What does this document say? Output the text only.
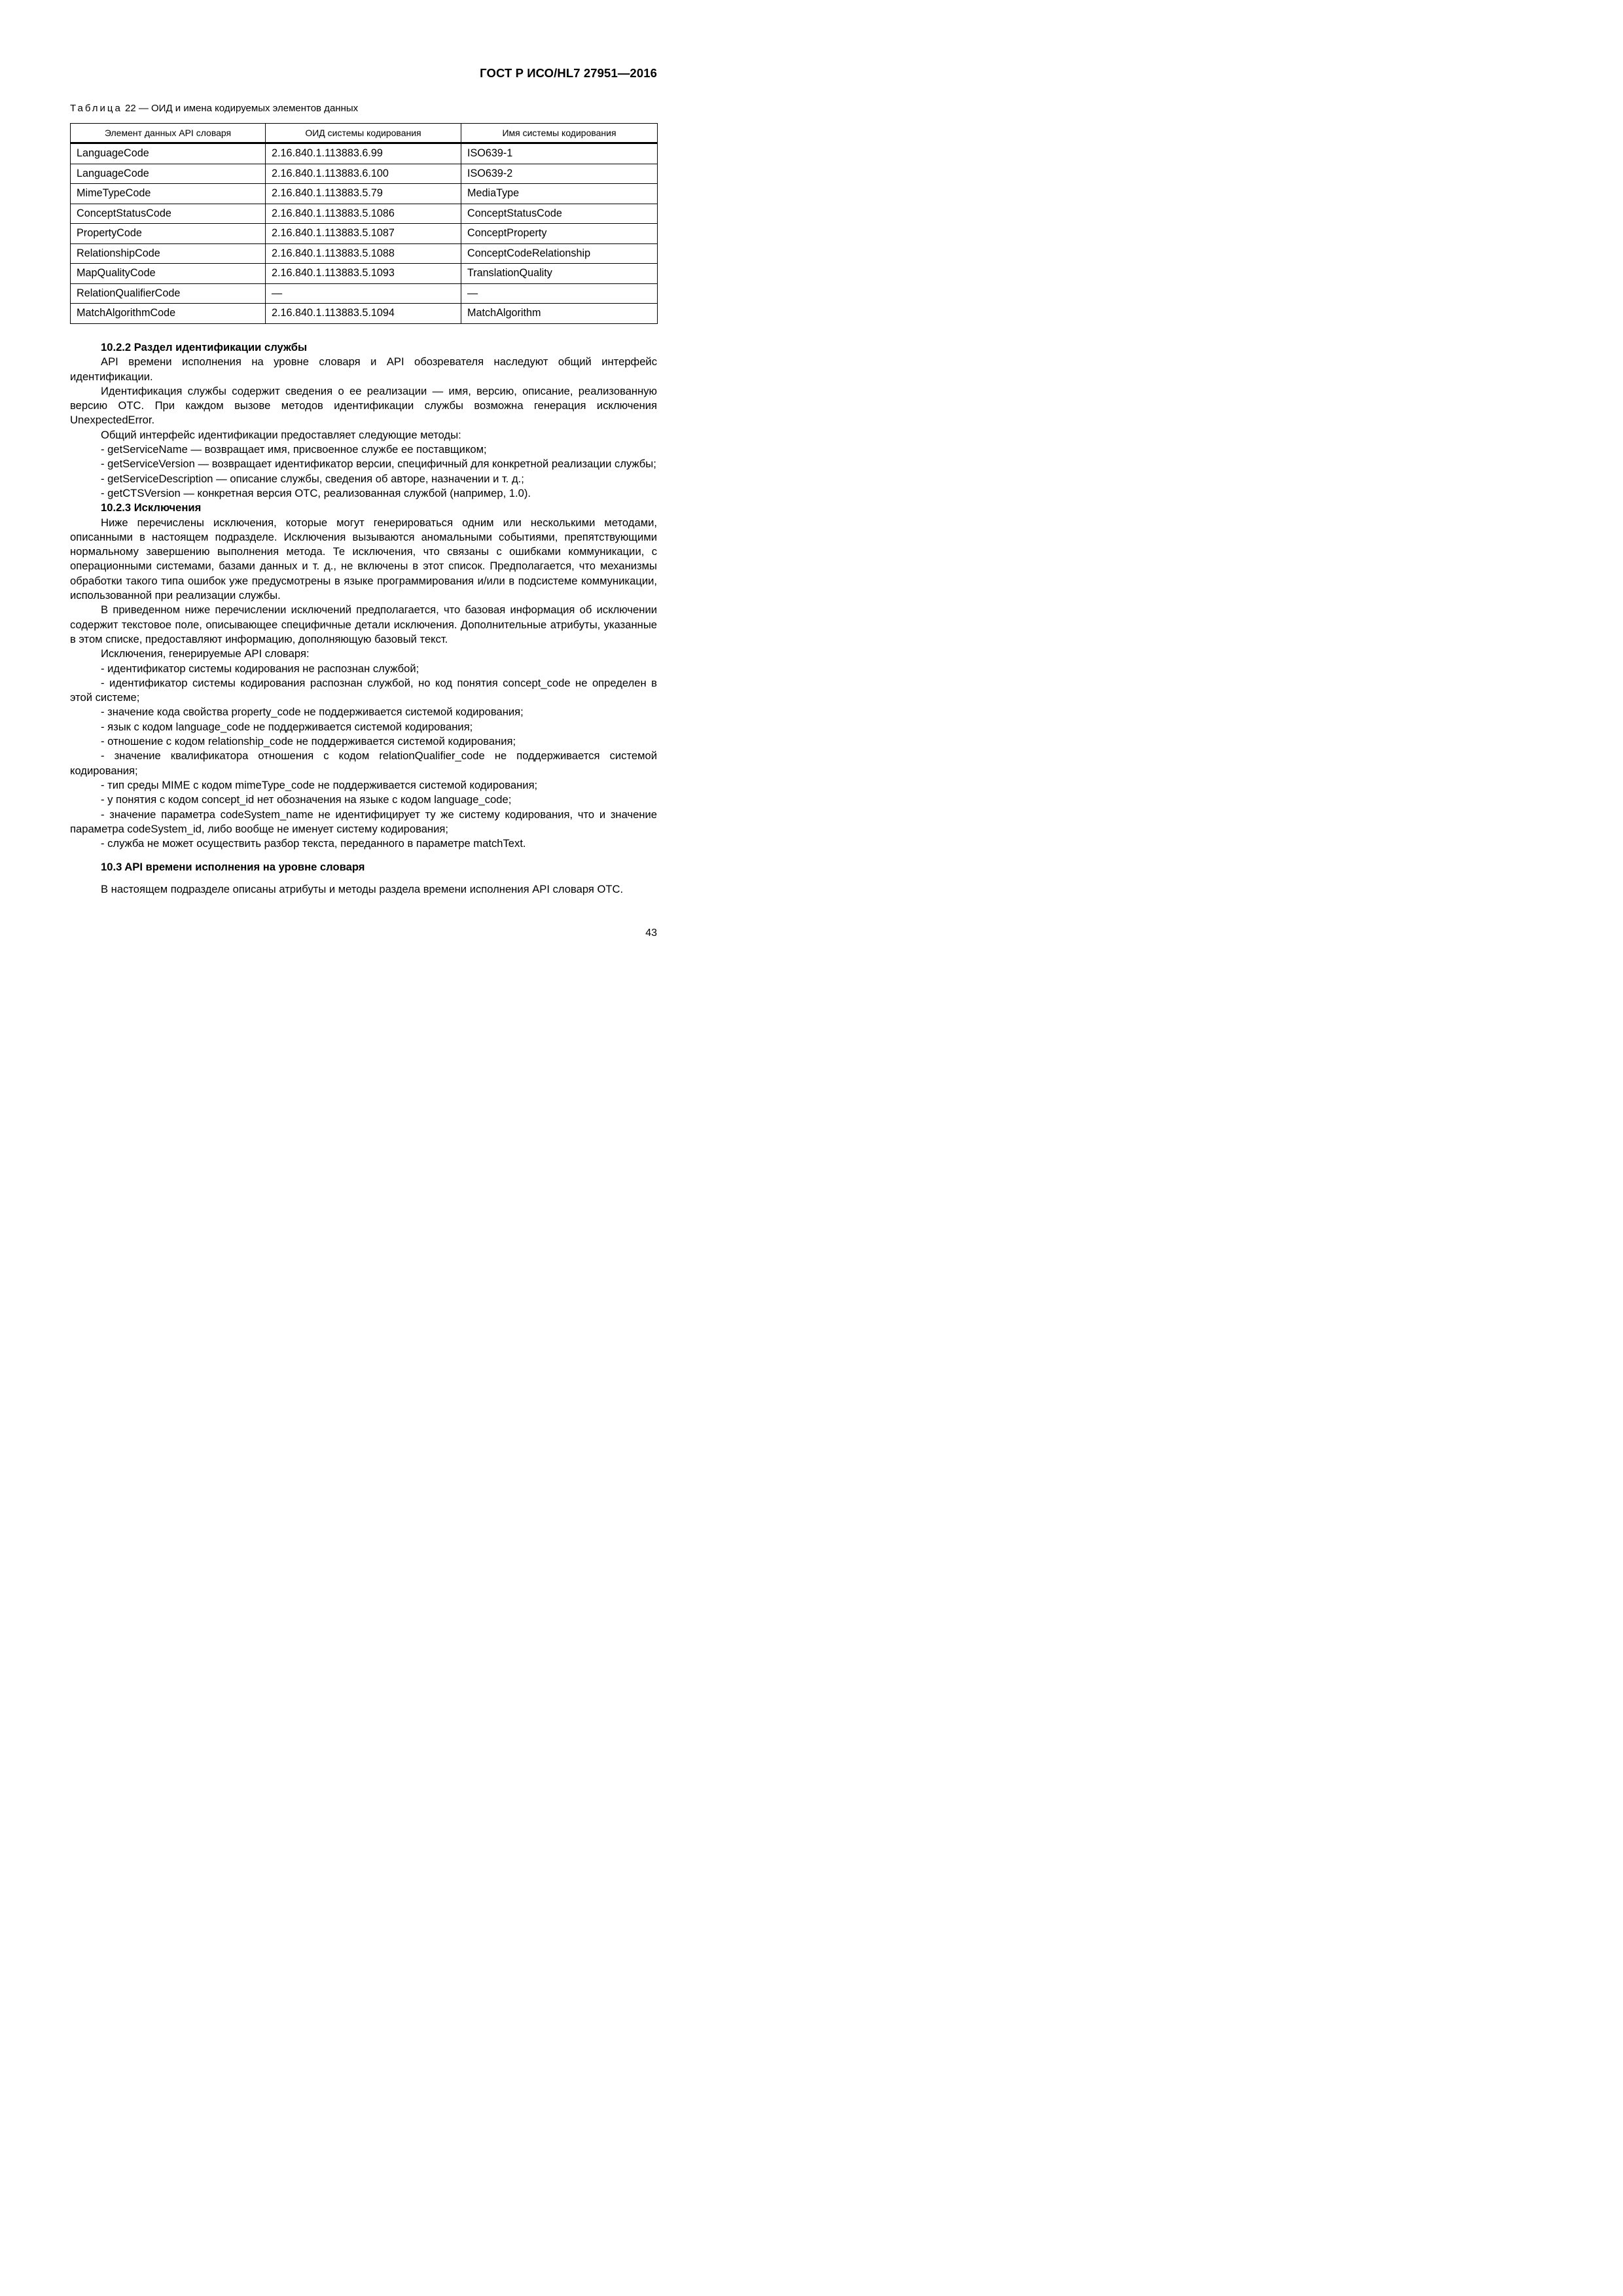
ГОСТ Р ИСО/HL7 27951—2016
Таблица 22 — ОИД и имена кодируемых элементов данных
Элемент данных API словаря	ОИД системы кодирования	Имя системы кодирования
LanguageCode	2.16.840.1.113883.6.99	ISO639-1
LanguageCode	2.16.840.1.113883.6.100	ISO639-2
MimeTypeCode	2.16.840.1.113883.5.79	MediaType
ConceptStatusCode	2.16.840.1.113883.5.1086	ConceptStatusCode
PropertyCode	2.16.840.1.113883.5.1087	ConceptProperty
RelationshipCode	2.16.840.1.113883.5.1088	ConceptCodeRelationship
MapQualityCode	2.16.840.1.113883.5.1093	TranslationQuality
RelationQualifierCode	—	—
MatchAlgorithmCode	2.16.840.1.113883.5.1094	MatchAlgorithm
10.2.2 Раздел идентификации службы

API времени исполнения на уровне словаря и API обозревателя наследуют общий интерфейс идентификации.

Идентификация службы содержит сведения о ее реализации — имя, версию, описание, реализованную версию ОТС. При каждом вызове методов идентификации службы возможна генерация исключения UnexpectedError.

Общий интерфейс идентификации предоставляет следующие методы:

- getServiceName — возвращает имя, присвоенное службе ее поставщиком;

- getServiceVersion — возвращает идентификатор версии, специфичный для конкретной реализации службы;

- getServiceDescription — описание службы, сведения об авторе, назначении и т. д.;

- getCTSVersion — конкретная версия ОТС, реализованная службой (например, 1.0).

10.2.3 Исключения

Ниже перечислены исключения, которые могут генерироваться одним или несколькими методами, описанными в настоящем подразделе. Исключения вызываются аномальными событиями, препятствующими нормальному завершению выполнения метода. Те исключения, что связаны с ошибками коммуникации, с операционными системами, базами данных и т. д., не включены в этот список. Предполагается, что механизмы обработки такого типа ошибок уже предусмотрены в языке программирования и/или в подсистеме коммуникации, использованной при реализации службы.

В приведенном ниже перечислении исключений предполагается, что базовая информация об исключении содержит текстовое поле, описывающее специфичные детали исключения. Дополнительные атрибуты, указанные в этом списке, предоставляют информацию, дополняющую базовый текст.

Исключения, генерируемые API словаря:

- идентификатор системы кодирования не распознан службой;

- идентификатор системы кодирования распознан службой, но код понятия concept_code не определен в этой системе;

- значение кода свойства property_code не поддерживается системой кодирования;

- язык с кодом language_code не поддерживается системой кодирования;

- отношение с кодом relationship_code не поддерживается системой кодирования;

- значение квалификатора отношения с кодом relationQualifier_code не поддерживается системой кодирования;

- тип среды MIME с кодом mimeType_code не поддерживается системой кодирования;

- у понятия с кодом concept_id нет обозначения на языке с кодом language_code;

- значение параметра codeSystem_name не идентифицирует ту же систему кодирования, что и значение параметра codeSystem_id, либо вообще не именует систему кодирования;

- служба не может осуществить разбор текста, переданного в параметре matchText.

10.3 API времени исполнения на уровне словаря

В настоящем подразделе описаны атрибуты и методы раздела времени исполнения API словаря ОТС.

43
